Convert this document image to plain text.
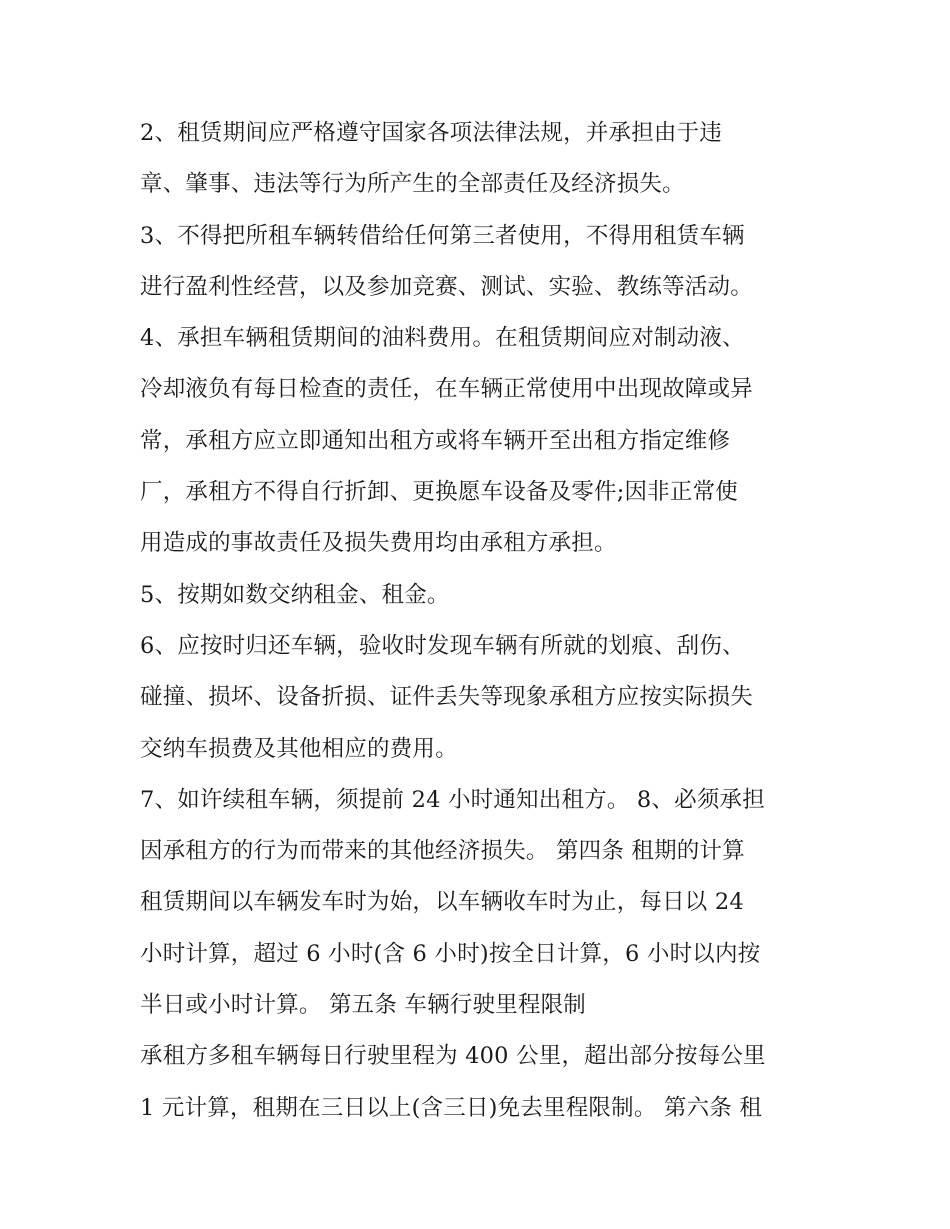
2、租赁期间应严格遵守国家各项法律法规，并承担由于违
章、肇事、违法等行为所产生的全部责任及经济损失。
3、不得把所租车辆转借给任何第三者使用，不得用租赁车辆
进行盈利性经营，以及参加竞赛、测试、实验、教练等活动。
4、承担车辆租赁期间的油料费用。在租赁期间应对制动液、
冷却液负有每日检查的责任，在车辆正常使用中出现故障或异
常，承租方应立即通知出租方或将车辆开至出租方指定维修
厂，承租方不得自行折卸、更换愿车设备及零件;因非正常使
用造成的事故责任及损失费用均由承租方承担。
5、按期如数交纳租金、租金。
6、应按时归还车辆，验收时发现车辆有所就的划痕、刮伤、
碰撞、损坏、设备折损、证件丢失等现象承租方应按实际损失
交纳车损费及其他相应的费用。
7、如许续租车辆，须提前 24 小时通知出租方。 8、必须承担
因承租方的行为而带来的其他经济损失。 第四条 租期的计算
租赁期间以车辆发车时为始，以车辆收车时为止，每日以 24
小时计算，超过 6 小时(含 6 小时)按全日计算，6 小时以内按
半日或小时计算。 第五条 车辆行驶里程限制
承租方多租车辆每日行驶里程为 400 公里，超出部分按每公里
1 元计算，租期在三日以上(含三日)免去里程限制。 第六条 租
